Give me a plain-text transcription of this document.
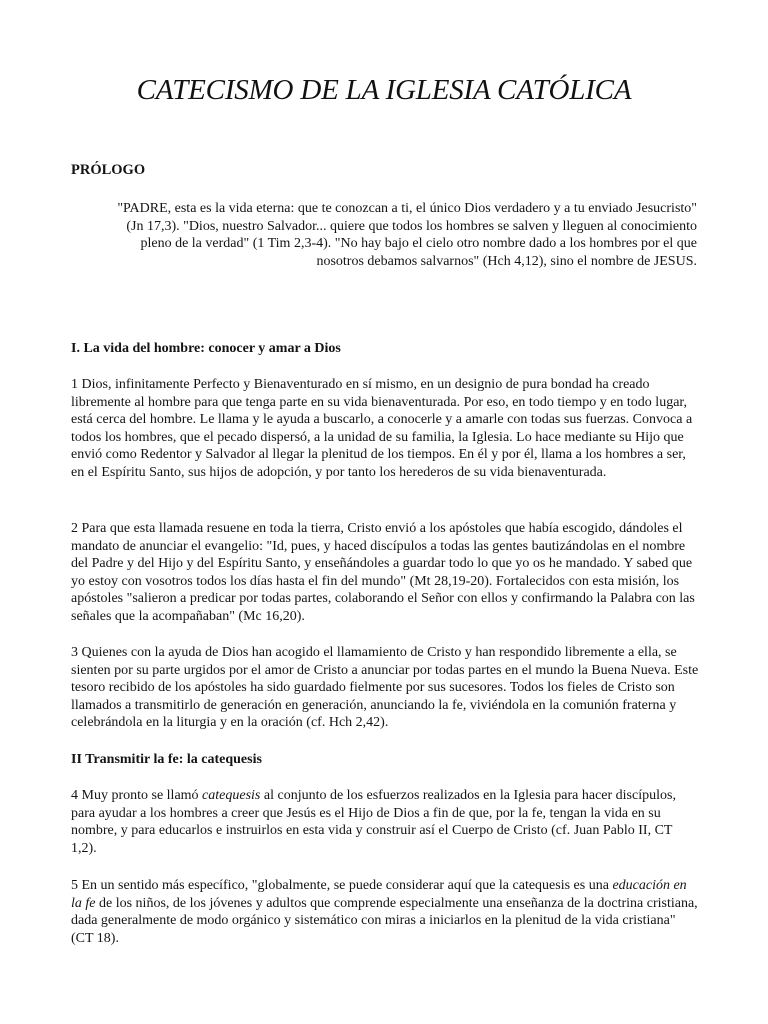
CATECISMO DE LA IGLESIA CATÓLICA
PRÓLOGO

"PADRE, esta es la vida eterna: que te conozcan a ti, el único Dios verdadero y a tu enviado Jesucristo" (Jn 17,3). "Dios, nuestro Salvador... quiere que todos los hombres se salven y lleguen al conocimiento pleno de la verdad" (1 Tim 2,3-4). "No hay bajo el cielo otro nombre dado a los hombres por el que nosotros debamos salvarnos" (Hch 4,12), sino el nombre de JESUS.

I. La vida del hombre: conocer y amar a Dios

1 Dios, infinitamente Perfecto y Bienaventurado en sí mismo, en un designio de pura bondad ha creado libremente al hombre para que tenga parte en su vida bienaventurada. Por eso, en todo tiempo y en todo lugar, está cerca del hombre. Le llama y le ayuda a buscarlo, a conocerle y a amarle con todas sus fuerzas. Convoca a todos los hombres, que el pecado dispersó, a la unidad de su familia, la Iglesia. Lo hace mediante su Hijo que envió como Redentor y Salvador al llegar la plenitud de los tiempos. En él y por él, llama a los hombres a ser, en el Espíritu Santo, sus hijos de adopción, y por tanto los herederos de su vida bienaventurada.

2 Para que esta llamada resuene en toda la tierra, Cristo envió a los apóstoles que había escogido, dándoles el mandato de anunciar el evangelio: "Id, pues, y haced discípulos a todas las gentes bautizándolas en el nombre del Padre y del Hijo y del Espíritu Santo, y enseñándoles a guardar todo lo que yo os he mandado. Y sabed que yo estoy con vosotros todos los días hasta el fin del mundo" (Mt 28,19-20). Fortalecidos con esta misión, los apóstoles "salieron a predicar por todas partes, colaborando el Señor con ellos y confirmando la Palabra con las señales que la acompañaban" (Mc 16,20).

3 Quienes con la ayuda de Dios han acogido el llamamiento de Cristo y han respondido libremente a ella, se sienten por su parte urgidos por el amor de Cristo a anunciar por todas partes en el mundo la Buena Nueva. Este tesoro recibido de los apóstoles ha sido guardado fielmente por sus sucesores. Todos los fieles de Cristo son llamados a transmitirlo de generación en generación, anunciando la fe, viviéndola en la comunión fraterna y celebrándola en la liturgia y en la oración (cf. Hch 2,42).

II Transmitir la fe: la catequesis

4 Muy pronto se llamó catequesis al conjunto de los esfuerzos realizados en la Iglesia para hacer discípulos, para ayudar a los hombres a creer que Jesús es el Hijo de Dios a fin de que, por la fe, tengan la vida en su nombre, y para educarlos e instruirlos en esta vida y construir así el Cuerpo de Cristo (cf. Juan Pablo II, CT 1,2).

5 En un sentido más específico, "globalmente, se puede considerar aquí que la catequesis es una educación en la fe de los niños, de los jóvenes y adultos que comprende especialmente una enseñanza de la doctrina cristiana, dada generalmente de modo orgánico y sistemático con miras a iniciarlos en la plenitud de la vida cristiana" (CT 18).
